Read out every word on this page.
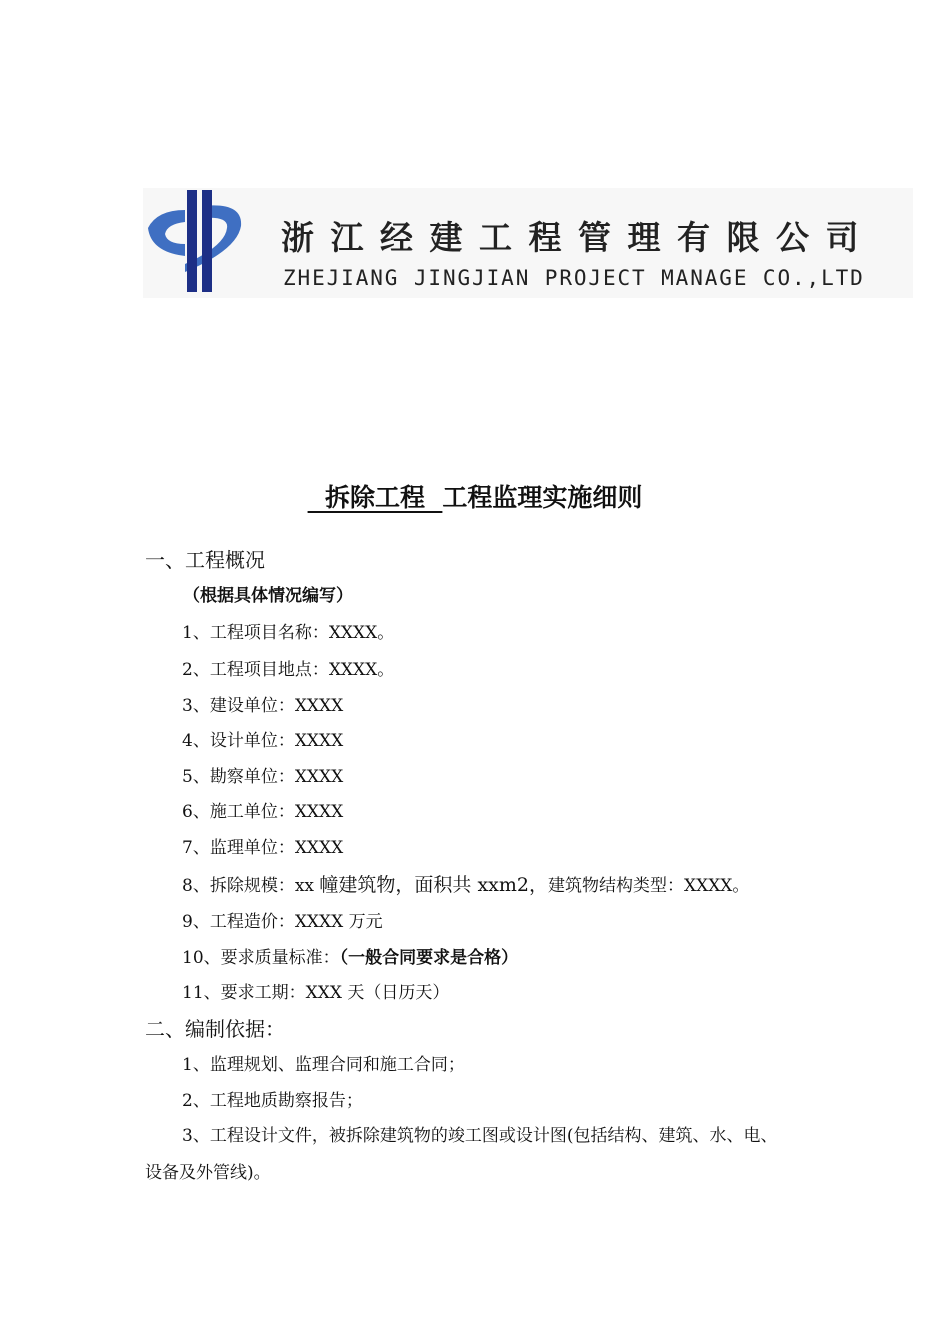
浙江经建工程管理有限公司
ZHEJIANG JINGJIAN PROJECT MANAGE CO.,LTD
拆除工程  工程监理实施细则
一、工程概况
（根据具体情况编写）
1、工程项目名称：XXXX。
2、工程项目地点：XXXX。
3、建设单位：XXXX
4、设计单位：XXXX
5、勘察单位：XXXX
6、施工单位：XXXX
7、监理单位：XXXX
8、拆除规模：xx 幢建筑物，面积共 xxm2，建筑物结构类型：XXXX。
9、工程造价：XXXX 万元
10、要求质量标准：（一般合同要求是合格）
11、要求工期：XXX 天（日历天）
二、编制依据：
1、监理规划、监理合同和施工合同；
2、工程地质勘察报告；
3、工程设计文件，被拆除建筑物的竣工图或设计图(包括结构、建筑、水、电、
设备及外管线)。
